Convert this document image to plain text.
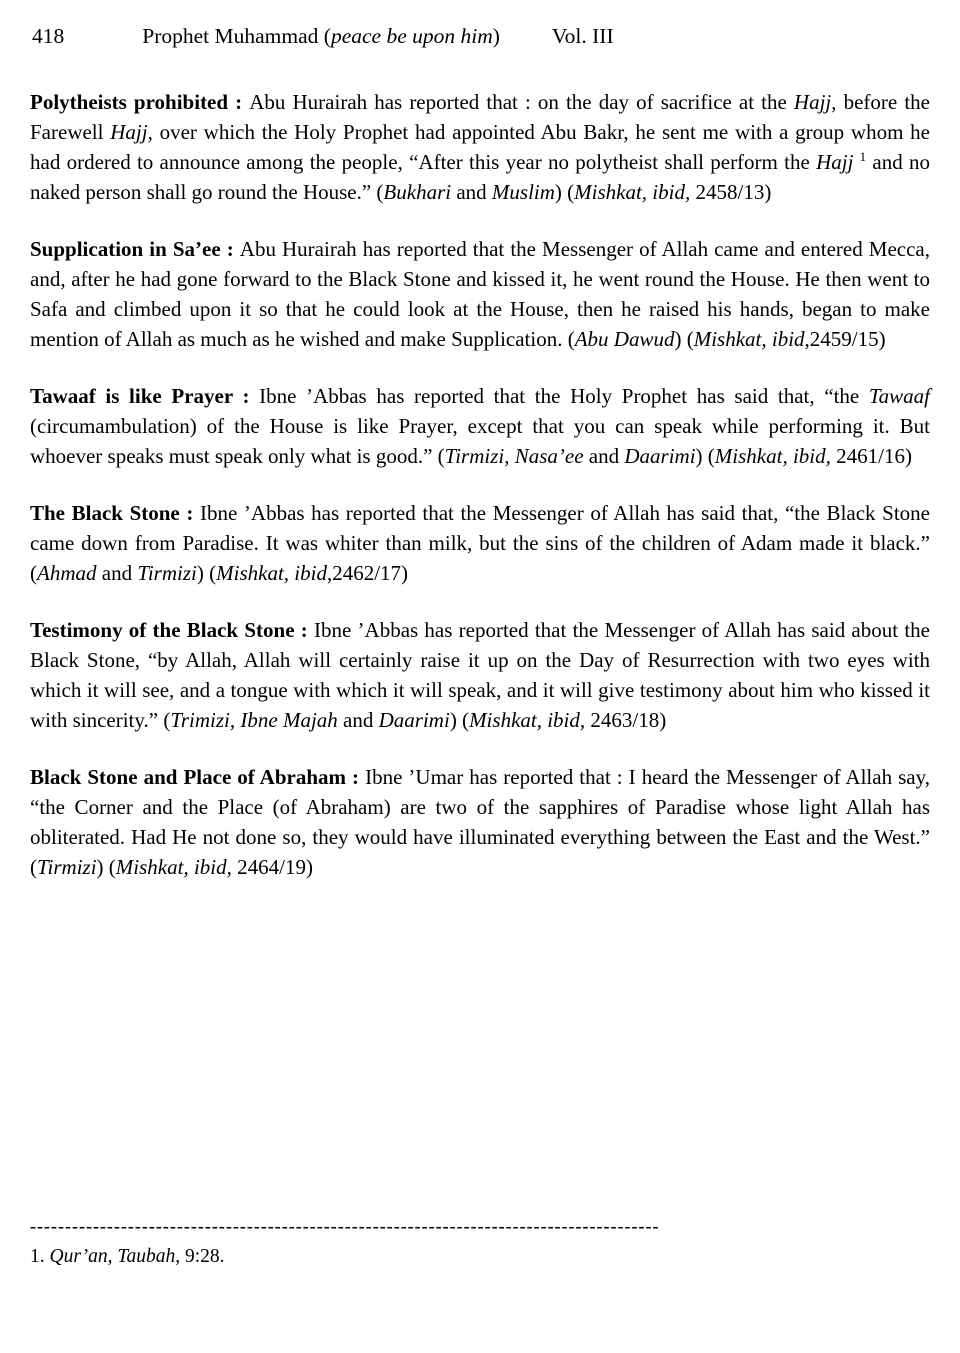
418	Prophet Muhammad (peace be upon him) Vol. III

Polytheists prohibited : Abu Hurairah has reported that : on the day of sacrifice at the Hajj, before the Farewell Hajj, over which the Holy Prophet had appointed Abu Bakr, he sent me with a group whom he had ordered to announce among the people, “After this year no polytheist shall perform the Hajj $^1$ and no naked person shall go round the House.” (Bukhari and Muslim) (Mishkat, ibid, 2458/13)

Supplication in Sa’ee : Abu Hurairah has reported that the Messenger of Allah came and entered Mecca, and, after he had gone forward to the Black Stone and kissed it, he went round the House. He then went to Safa and climbed upon it so that he could look at the House, then he raised his hands, began to make mention of Allah as much as he wished and make Supplication. (Abu Dawud) (Mishkat, ibid,2459/15)

Tawaaf is like Prayer : Ibne ’Abbas has reported that the Holy Prophet has said that, “the Tawaaf (circumambulation) of the House is like Prayer, except that you can speak while performing it. But whoever speaks must speak only what is good.” (Tirmizi, Nasa’ee and Daarimi) (Mishkat, ibid, 2461/16)

The Black Stone : Ibne ’Abbas has reported that the Messenger of Allah has said that, “the Black Stone came down from Paradise. It was whiter than milk, but the sins of the children of Adam made it black.” (Ahmad and Tirmizi) (Mishkat, ibid,2462/17)

Testimony of the Black Stone : Ibne ’Abbas has reported that the Messenger of Allah has said about the Black Stone, “by Allah, Allah will certainly raise it up on the Day of Resurrection with two eyes with which it will see, and a tongue with which it will speak, and it will give testimony about him who kissed it with sincerity.” (Trimizi, Ibne Majah and Daarimi) (Mishkat, ibid, 2463/18)

Black Stone and Place of Abraham : Ibne ’Umar has reported that : I heard the Messenger of Allah say, “the Corner and the Place (of Abraham) are two of the sapphires of Paradise whose light Allah has obliterated. Had He not done so, they would have illuminated everything between the East and the West.” (Tirmizi) (Mishkat, ibid, 2464/19)

------------------------------------------------------------------------------------------
1. Qur’an, Taubah, 9:28.
